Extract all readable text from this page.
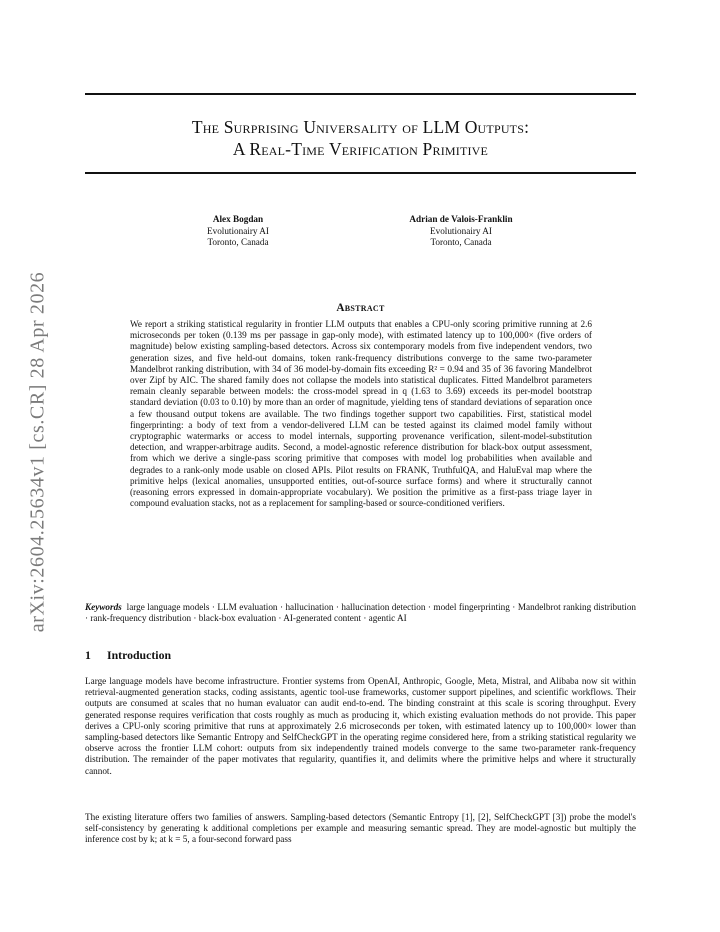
arXiv:2604.25634v1 [cs.CR] 28 Apr 2026
The Surprising Universality of LLM Outputs:
A Real-Time Verification Primitive
Alex Bogdan
Evolutionairy AI
Toronto, Canada
Adrian de Valois-Franklin
Evolutionairy AI
Toronto, Canada
Abstract
We report a striking statistical regularity in frontier LLM outputs that enables a CPU-only scoring primitive running at 2.6 microseconds per token (0.139 ms per passage in gap-only mode), with estimated latency up to 100,000× (five orders of magnitude) below existing sampling-based detectors. Across six contemporary models from five independent vendors, two generation sizes, and five held-out domains, token rank-frequency distributions converge to the same two-parameter Mandelbrot ranking distribution, with 34 of 36 model-by-domain fits exceeding R² = 0.94 and 35 of 36 favoring Mandelbrot over Zipf by AIC. The shared family does not collapse the models into statistical duplicates. Fitted Mandelbrot parameters remain cleanly separable between models: the cross-model spread in q (1.63 to 3.69) exceeds its per-model bootstrap standard deviation (0.03 to 0.10) by more than an order of magnitude, yielding tens of standard deviations of separation once a few thousand output tokens are available. The two findings together support two capabilities. First, statistical model fingerprinting: a body of text from a vendor-delivered LLM can be tested against its claimed model family without cryptographic watermarks or access to model internals, supporting provenance verification, silent-model-substitution detection, and wrapper-arbitrage audits. Second, a model-agnostic reference distribution for black-box output assessment, from which we derive a single-pass scoring primitive that composes with model log probabilities when available and degrades to a rank-only mode usable on closed APIs. Pilot results on FRANK, TruthfulQA, and HaluEval map where the primitive helps (lexical anomalies, unsupported entities, out-of-source surface forms) and where it structurally cannot (reasoning errors expressed in domain-appropriate vocabulary). We position the primitive as a first-pass triage layer in compound evaluation stacks, not as a replacement for sampling-based or source-conditioned verifiers.
Keywords large language models · LLM evaluation · hallucination · hallucination detection · model fingerprinting · Mandelbrot ranking distribution · rank-frequency distribution · black-box evaluation · AI-generated content · agentic AI
1 Introduction
Large language models have become infrastructure. Frontier systems from OpenAI, Anthropic, Google, Meta, Mistral, and Alibaba now sit within retrieval-augmented generation stacks, coding assistants, agentic tool-use frameworks, customer support pipelines, and scientific workflows. Their outputs are consumed at scales that no human evaluator can audit end-to-end. The binding constraint at this scale is scoring throughput. Every generated response requires verification that costs roughly as much as producing it, which existing evaluation methods do not provide. This paper derives a CPU-only scoring primitive that runs at approximately 2.6 microseconds per token, with estimated latency up to 100,000× lower than sampling-based detectors like Semantic Entropy and SelfCheckGPT in the operating regime considered here, from a striking statistical regularity we observe across the frontier LLM cohort: outputs from six independently trained models converge to the same two-parameter rank-frequency distribution. The remainder of the paper motivates that regularity, quantifies it, and delimits where the primitive helps and where it structurally cannot.
The existing literature offers two families of answers. Sampling-based detectors (Semantic Entropy [1], [2], SelfCheckGPT [3]) probe the model's self-consistency by generating k additional completions per example and measuring semantic spread. They are model-agnostic but multiply the inference cost by k; at k = 5, a four-second forward pass
